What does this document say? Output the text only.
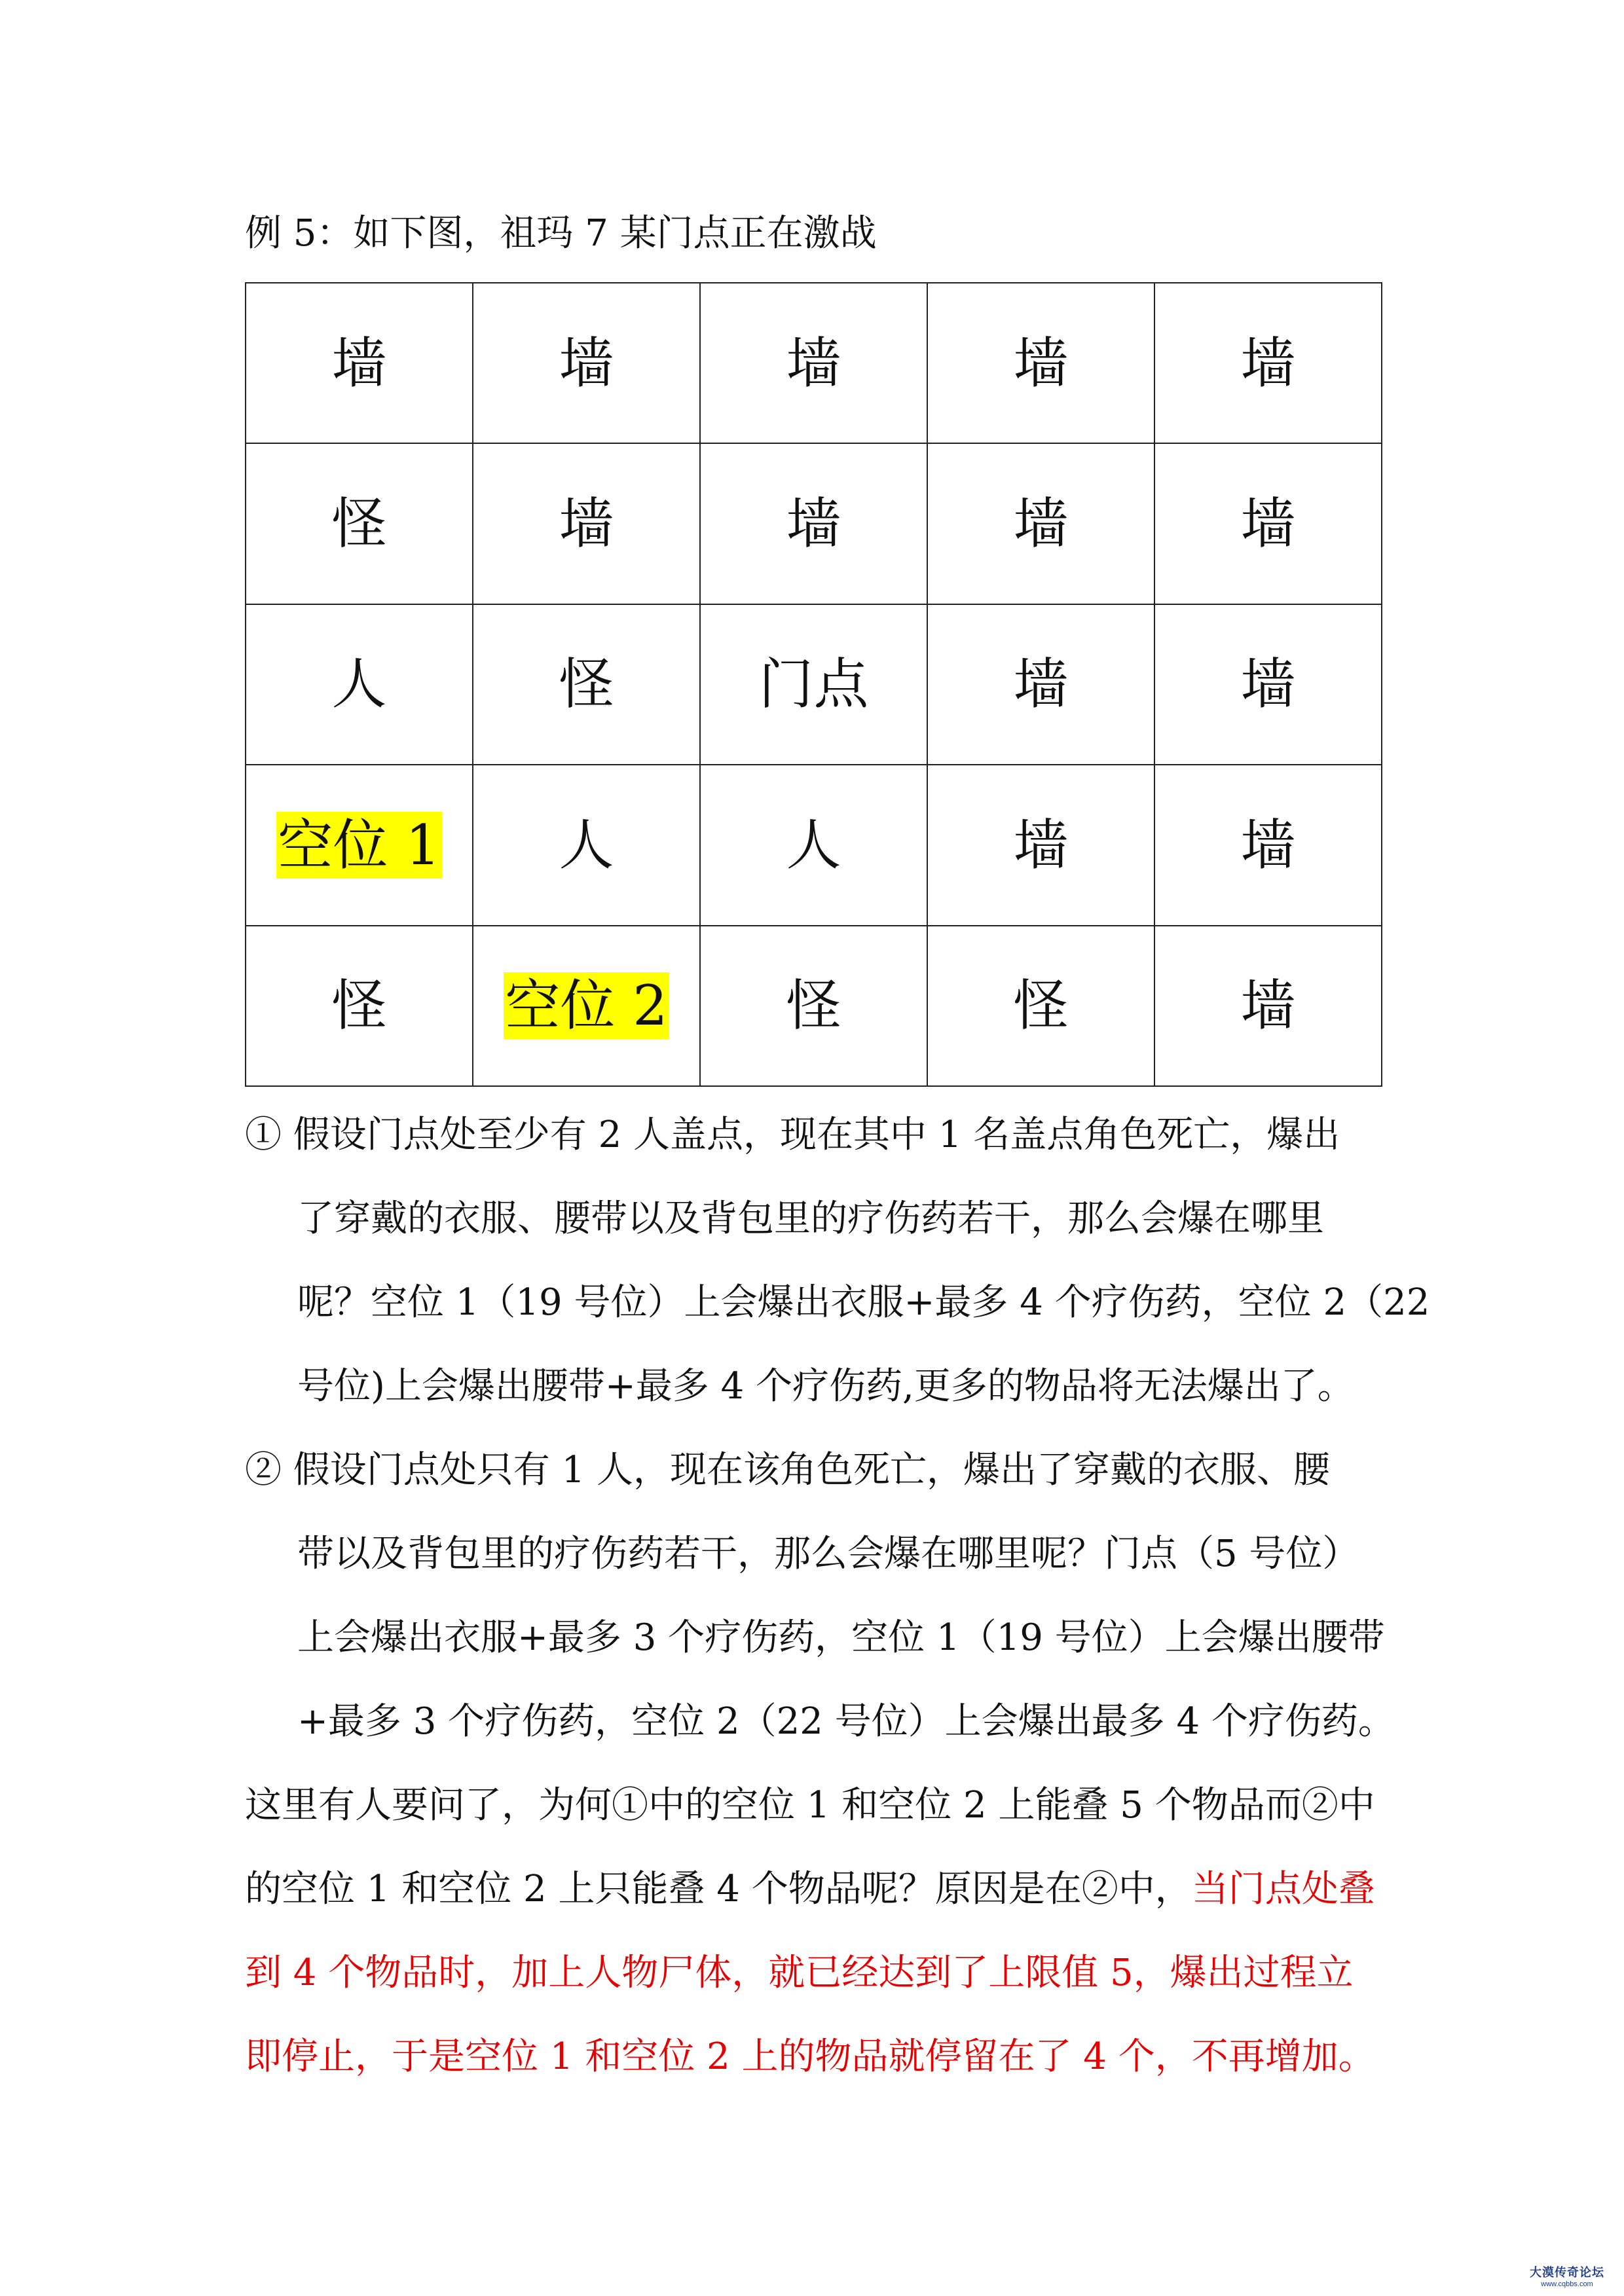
例 5：如下图，祖玛 7 某门点正在激战
墙	墙	墙	墙	墙
怪	墙	墙	墙	墙
人	怪	门点	墙	墙
空位 1	人	人	墙	墙
怪	空位 2	怪	怪	墙
① 假设门点处至少有 2 人盖点，现在其中 1 名盖点角色死亡，爆出
了穿戴的衣服、腰带以及背包里的疗伤药若干，那么会爆在哪里
呢？空位 1（19 号位）上会爆出衣服+最多 4 个疗伤药，空位 2（22
号位)上会爆出腰带+最多 4 个疗伤药,更多的物品将无法爆出了。
② 假设门点处只有 1 人，现在该角色死亡，爆出了穿戴的衣服、腰
带以及背包里的疗伤药若干，那么会爆在哪里呢？门点（5 号位）
上会爆出衣服+最多 3 个疗伤药，空位 1（19 号位）上会爆出腰带
+最多 3 个疗伤药，空位 2（22 号位）上会爆出最多 4 个疗伤药。
这里有人要问了，为何①中的空位 1 和空位 2 上能叠 5 个物品而②中
的空位 1 和空位 2 上只能叠 4 个物品呢？原因是在②中，当门点处叠
到 4 个物品时，加上人物尸体，就已经达到了上限值 5，爆出过程立
即停止，于是空位 1 和空位 2 上的物品就停留在了 4 个，不再增加。
大漠传奇论坛
www.cqbbs.com
